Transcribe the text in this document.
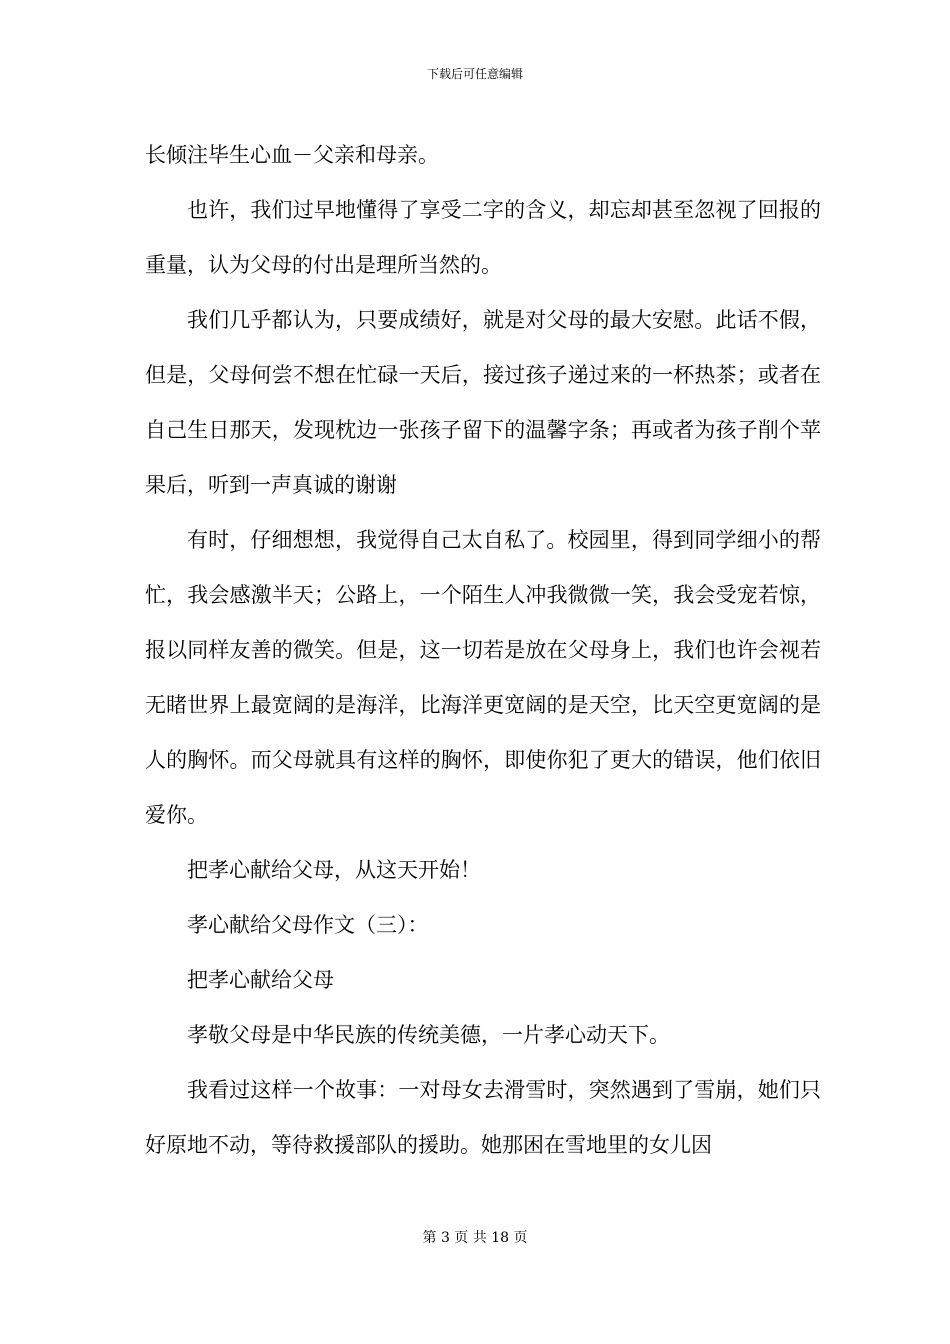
下载后可任意编辑

长倾注毕生心血－父亲和母亲。

也许，我们过早地懂得了享受二字的含义，却忘却甚至忽视了回报的重量，认为父母的付出是理所当然的。

我们几乎都认为，只要成绩好，就是对父母的最大安慰。此话不假，但是，父母何尝不想在忙碌一天后，接过孩子递过来的一杯热茶；或者在自己生日那天，发现枕边一张孩子留下的温馨字条；再或者为孩子削个苹果后，听到一声真诚的谢谢

有时，仔细想想，我觉得自己太自私了。校园里，得到同学细小的帮忙，我会感激半天；公路上，一个陌生人冲我微微一笑，我会受宠若惊，报以同样友善的微笑。但是，这一切若是放在父母身上，我们也许会视若无睹世界上最宽阔的是海洋，比海洋更宽阔的是天空，比天空更宽阔的是人的胸怀。而父母就具有这样的胸怀，即使你犯了更大的错误，他们依旧爱你。

把孝心献给父母，从这天开始！

孝心献给父母作文（三）：

把孝心献给父母

孝敬父母是中华民族的传统美德，一片孝心动天下。

我看过这样一个故事：一对母女去滑雪时，突然遇到了雪崩，她们只好原地不动，等待救援部队的援助。她那困在雪地里的女儿因

第 3 页 共 18 页
